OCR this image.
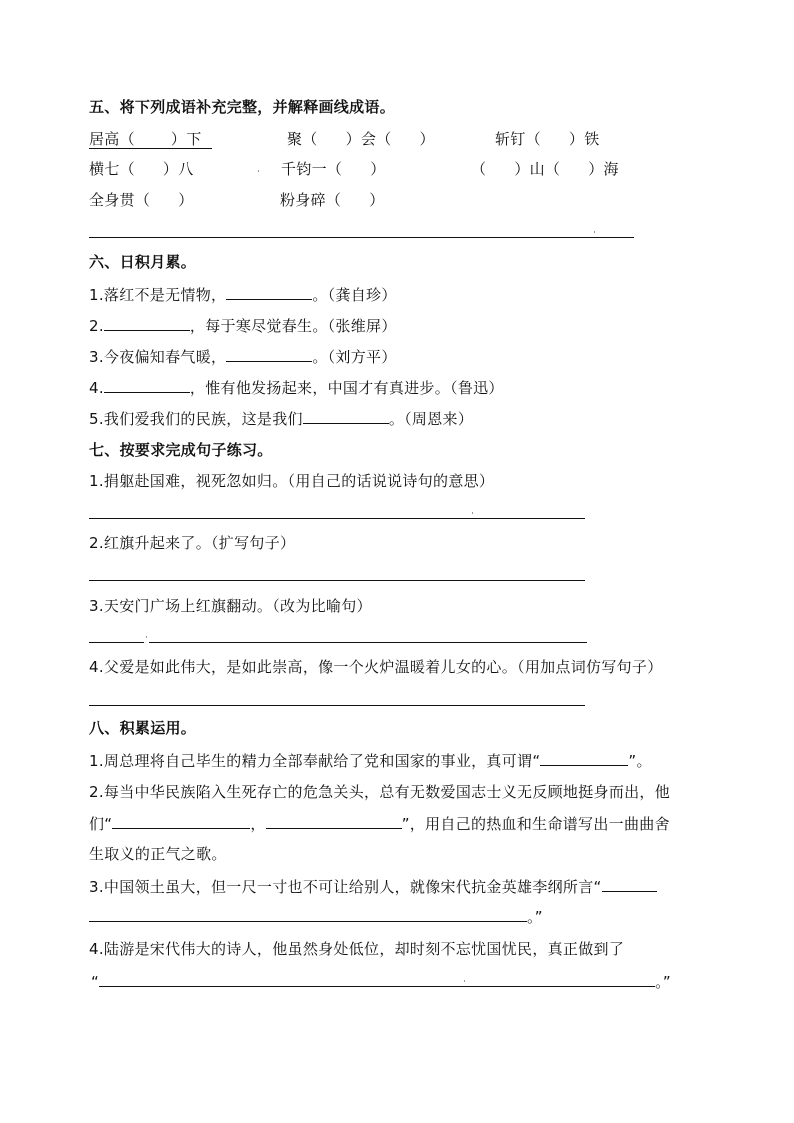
五、将下列成语补充完整，并解释画线成语。
居高（ ）下	聚（ ）会（ ）	斩钉（ ）铁
横七（ ）八	千钧一（ ）	（ ）山（ ）海
全身贯（ ）	粉身碎（ ）
六、日积月累。
1.落红不是无情物，	。（龚自珍）
2.	，每于寒尽觉春生。（张维屏）
3.今夜偏知春气暖，	。（刘方平）
4.	，惟有他发扬起来，中国才有真进步。（鲁迅）
5.我们爱我们的民族，这是我们	。（周恩来）
七、按要求完成句子练习。
1.捐躯赴国难，视死忽如归。（用自己的话说说诗句的意思）
2.红旗升起来了。（扩写句子）
3.天安门广场上红旗翻动。（改为比喻句）
4.父爱是如此伟大，是如此崇高，像一个火炉温暖着儿女的心。（用加点词仿写句子）
八、积累运用。
1.周总理将自己毕生的精力全部奉献给了党和国家的事业，真可谓“	”。
2.每当中华民族陷入生死存亡的危急关头，总有无数爱国志士义无反顾地挺身而出，他
们“	，	”，用自己的热血和生命谱写出一曲曲舍
生取义的正气之歌。
3.中国领土虽大，但一尺一寸也不可让给别人，就像宋代抗金英雄李纲所言“
。”
4.陆游是宋代伟大的诗人，他虽然身处低位，却时刻不忘忧国忧民，真正做到了
“	。”
